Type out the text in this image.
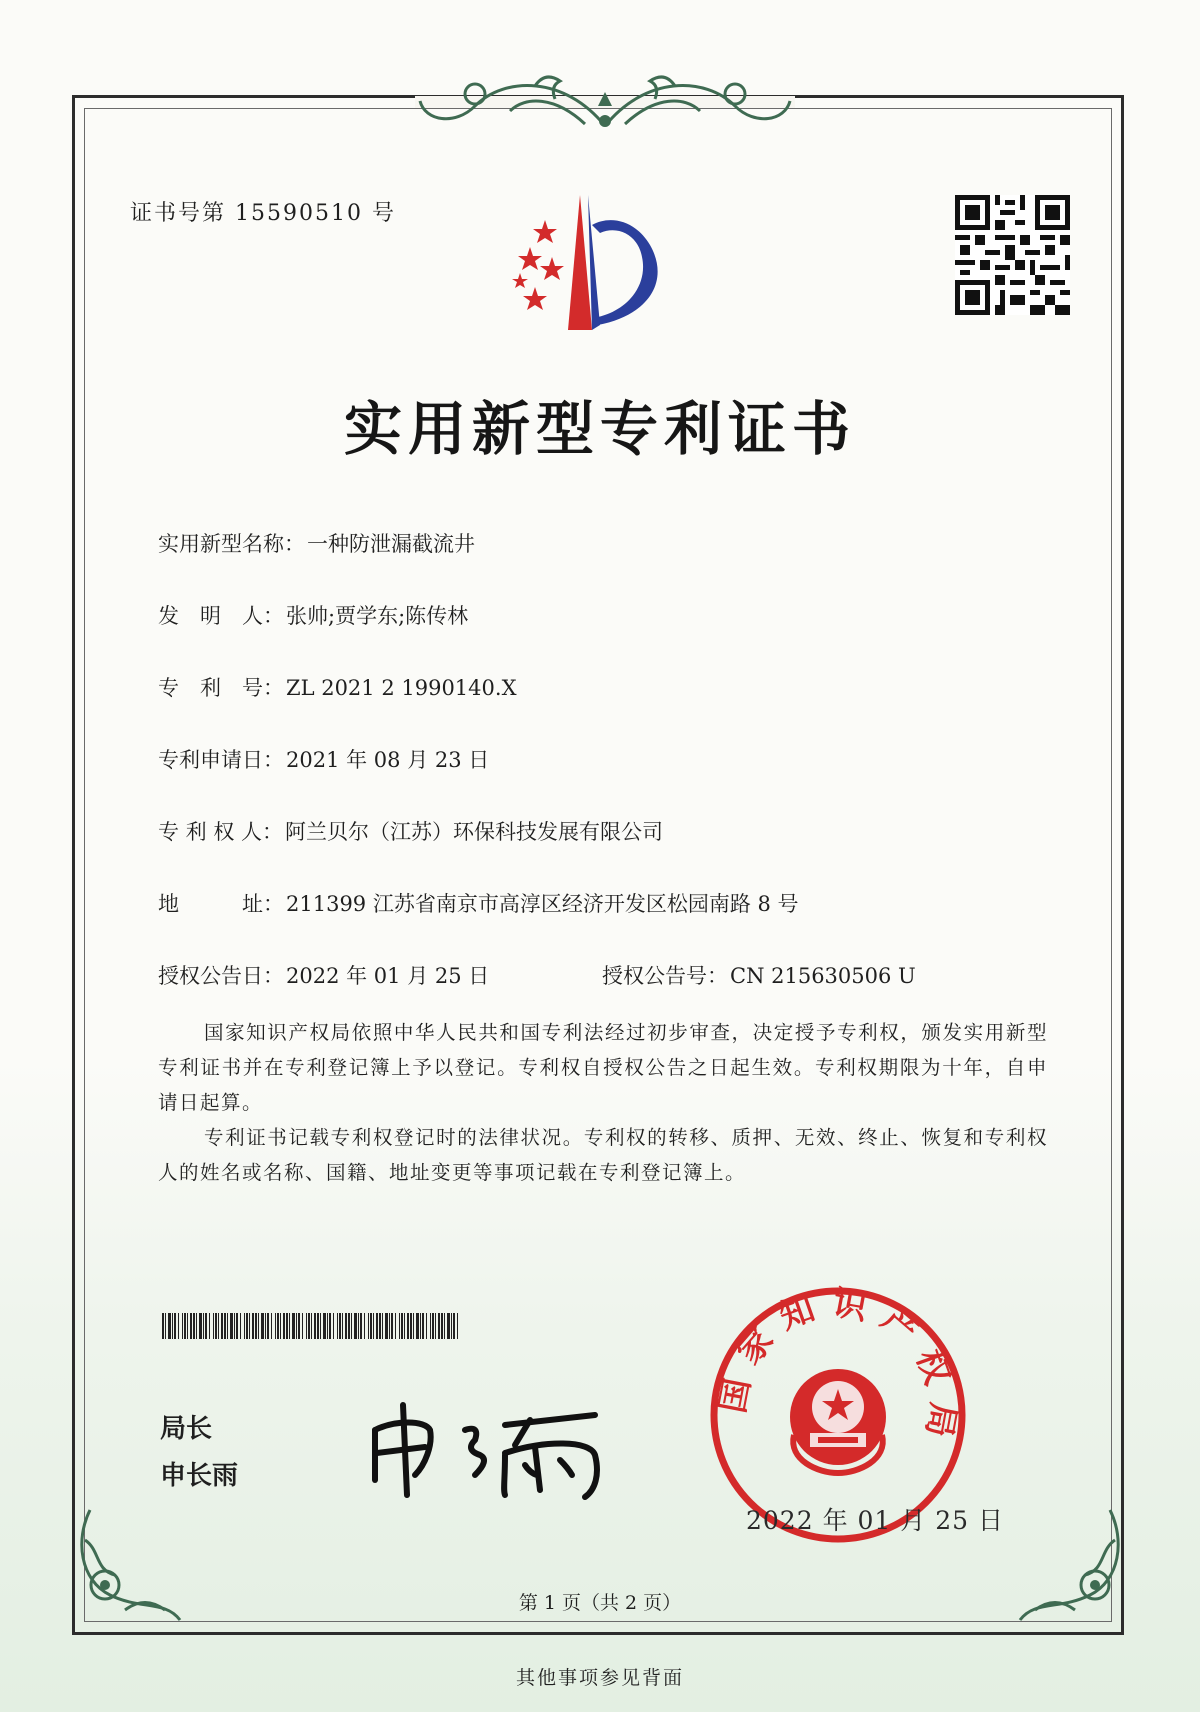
证书号第 15590510 号
实用新型专利证书
实用新型名称：一种防泄漏截流井
发　明　人：张帅;贾学东;陈传林
专　利　号：ZL 2021 2 1990140.X
专利申请日：2021 年 08 月 23 日
专 利 权 人：阿兰贝尔（江苏）环保科技发展有限公司
地　　　址：211399 江苏省南京市高淳区经济开发区松园南路 8 号
授权公告日：2022 年 01 月 25 日	授权公告号：CN 215630506 U
国家知识产权局依照中华人民共和国专利法经过初步审查，决定授予专利权，颁发实用新型专利证书并在专利登记簿上予以登记。专利权自授权公告之日起生效。专利权期限为十年，自申请日起算。
专利证书记载专利权登记时的法律状况。专利权的转移、质押、无效、终止、恢复和专利权人的姓名或名称、国籍、地址变更等事项记载在专利登记簿上。
局长
申长雨
国家知识产权局
2022 年 01 月 25 日
第 1 页（共 2 页）
其他事项参见背面
